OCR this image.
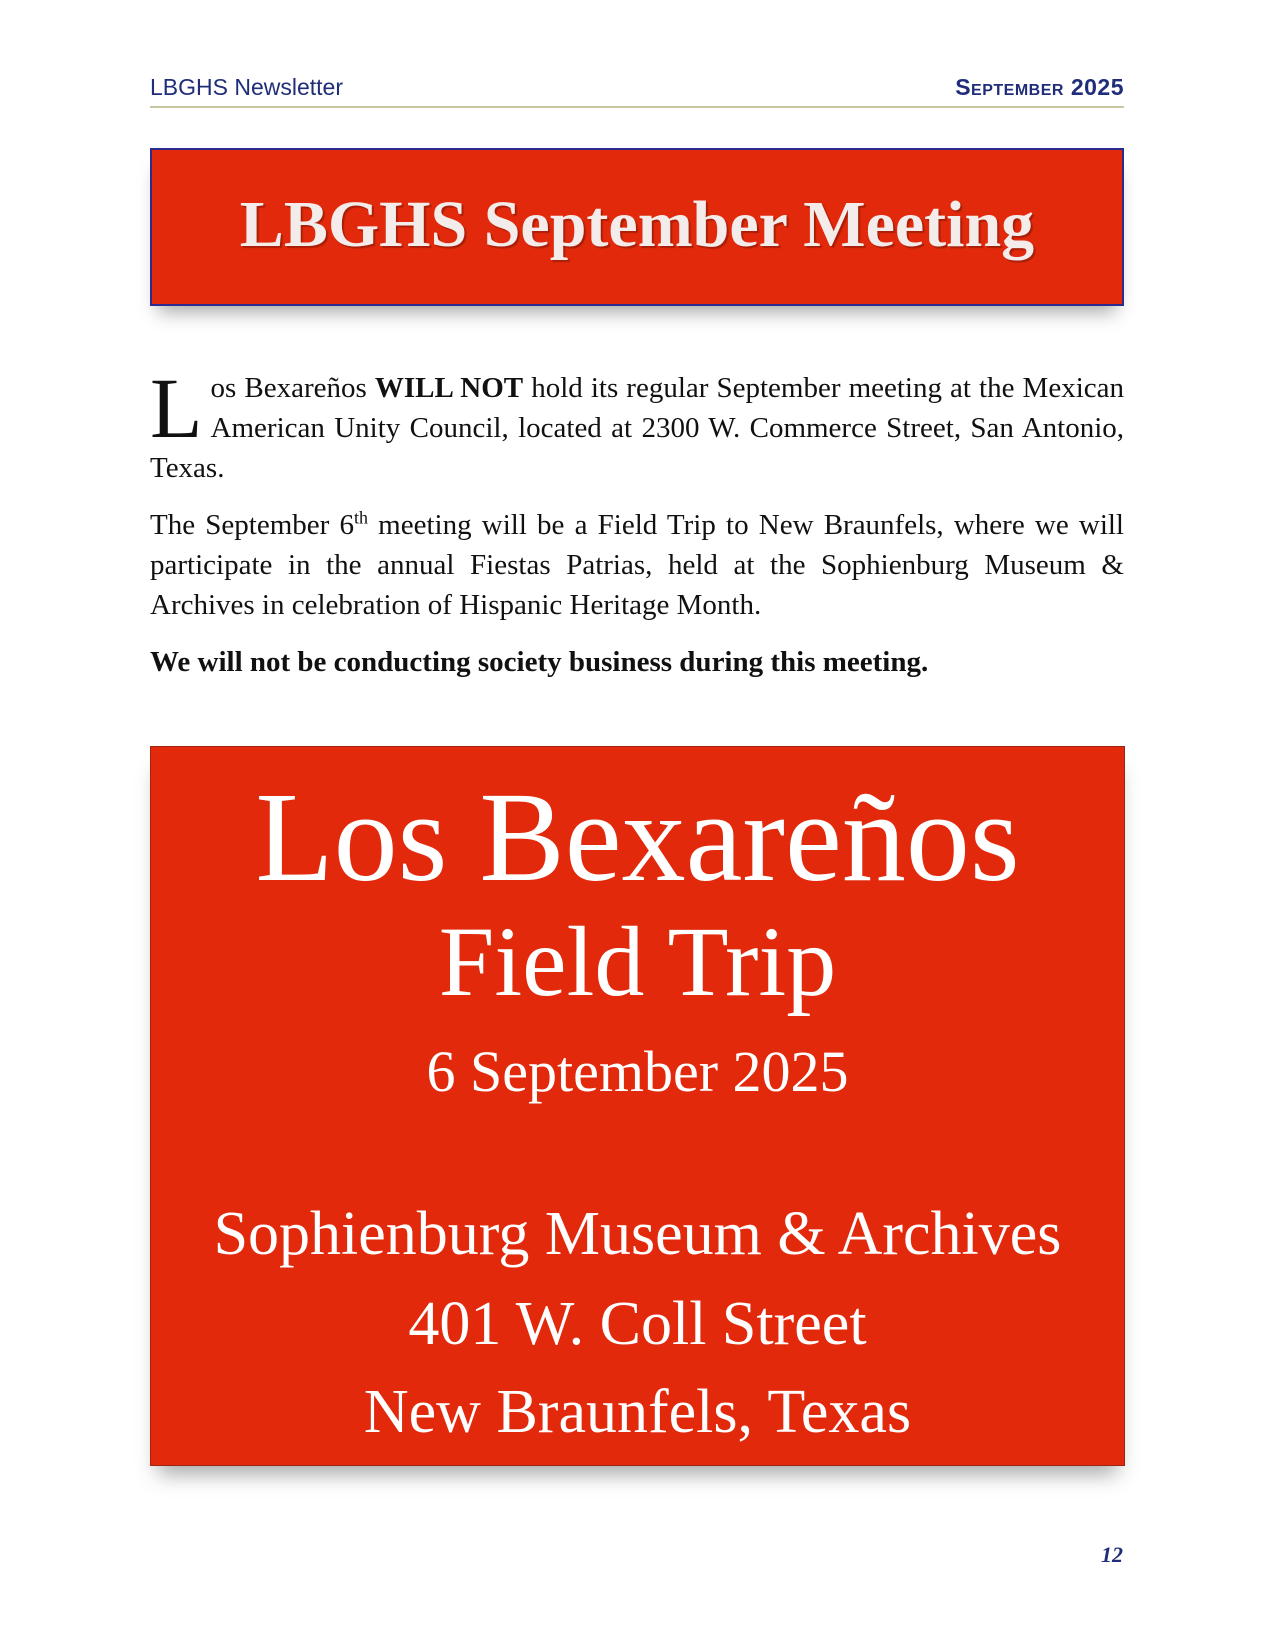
LBGHS Newsletter	September 2025
LBGHS September Meeting

Los Bexareños WILL NOT hold its regular September meeting at the Mexican American Unity Council, located at 2300 W. Commerce Street, San Antonio, Texas.

The September 6th meeting will be a Field Trip to New Braunfels, where we will participate in the annual Fiestas Patrias, held at the Sophienburg Museum & Archives in celebration of Hispanic Heritage Month.

We will not be conducting society business during this meeting.

Los Bexareños
Field Trip
6 September 2025
Sophienburg Museum & Archives
401 W. Coll Street
New Braunfels, Texas
12
